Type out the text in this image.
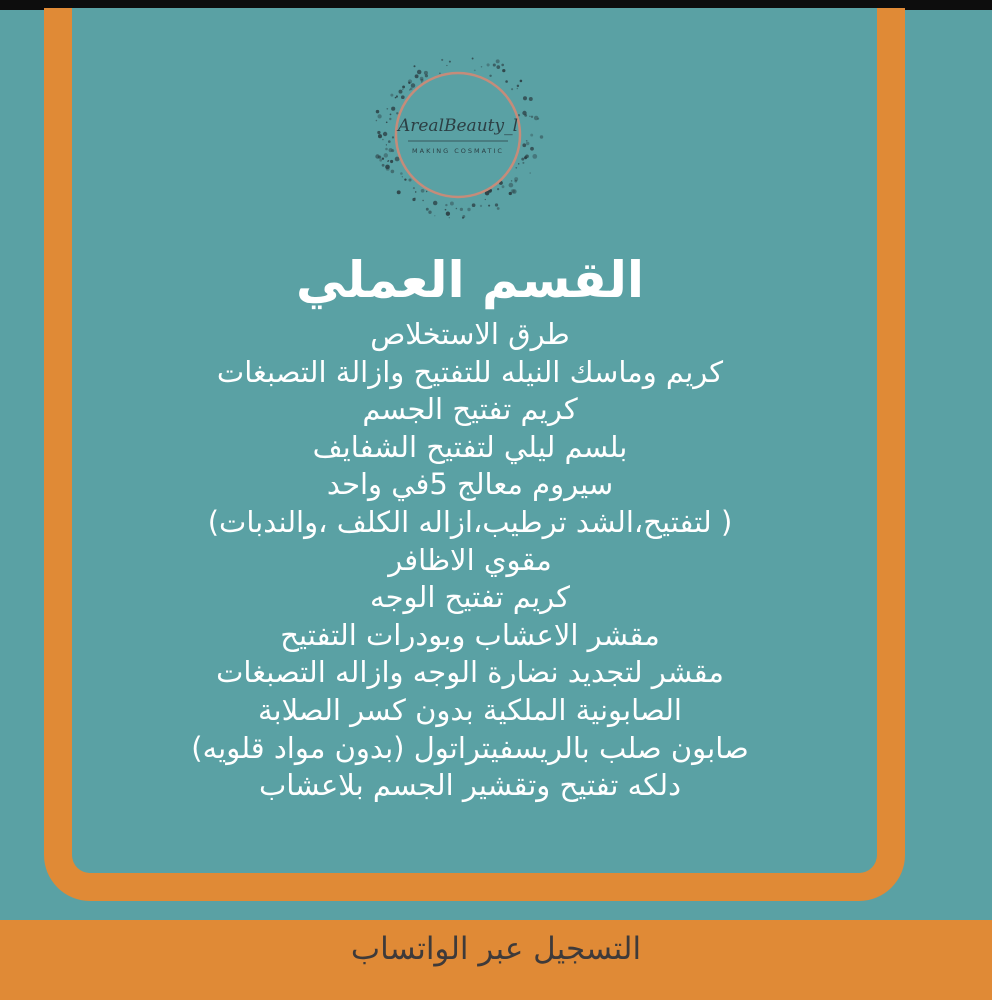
ArealBeauty_l
MAKING COSMATIC
القسم العملي
طرق الاستخلاص
كريم وماسك النيله للتفتيح وازالة التصبغات
كريم تفتيح الجسم
بلسم ليلي لتفتيح الشفايف
سيروم معالج 5في واحد
( لتفتيح،الشد ترطيب،ازاله الكلف ،والندبات)
مقوي الاظافر
كريم تفتيح الوجه
مقشر الاعشاب وبودرات التفتيح
مقشر لتجديد نضارة الوجه وازاله التصبغات
الصابونية الملكية بدون كسر الصلابة
صابون صلب بالريسفيتراتول (بدون مواد قلويه)
دلكه تفتيح وتقشير الجسم بلاعشاب
التسجيل عبر الواتساب
